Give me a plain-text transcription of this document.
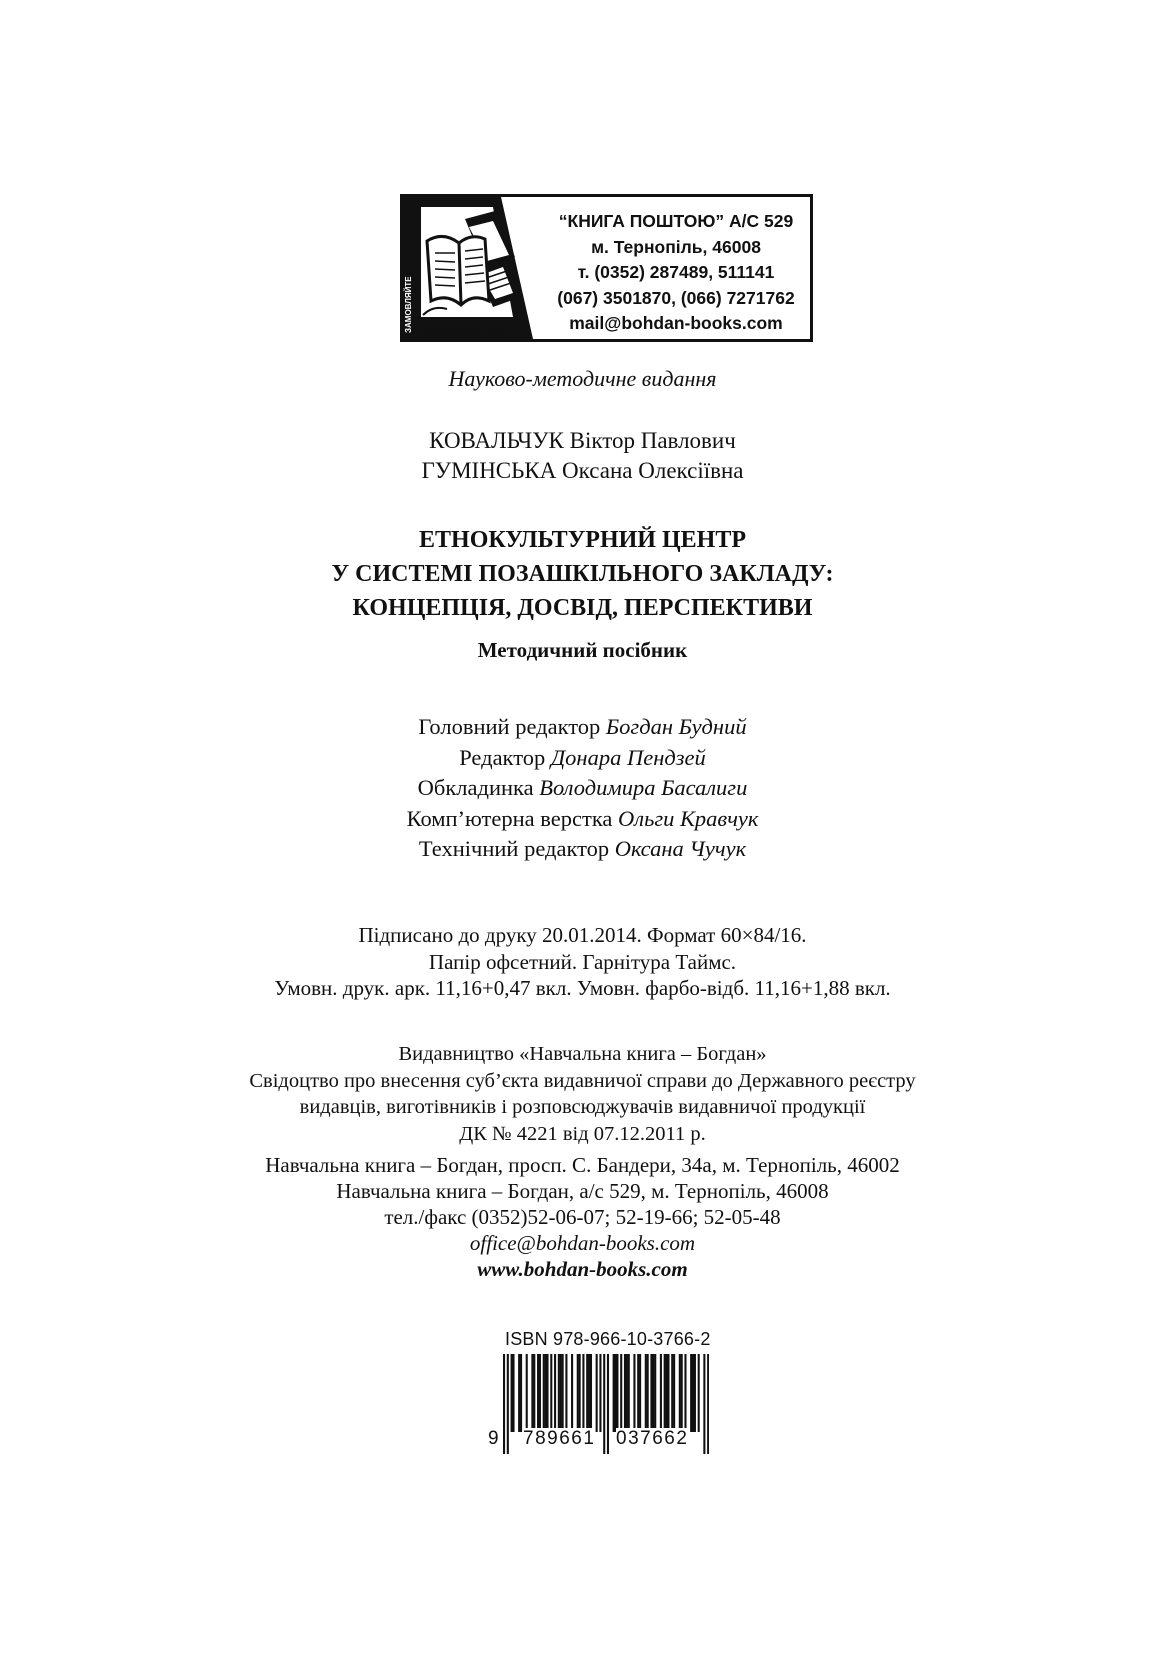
ЗАМОВЛЯЙТЕ КНИГИ ПОШТОЮ:
“КНИГА ПОШТОЮ” А/С 529
м. Тернопіль, 46008
т. (0352) 287489, 511141
(067) 3501870, (066) 7271762
mail@bohdan-books.com
Науково-методичне видання
КОВАЛЬЧУК Віктор Павлович
ГУМІНСЬКА Оксана Олексіївна
ЕТНОКУЛЬТУРНИЙ ЦЕНТР
У СИСТЕМІ ПОЗАШКІЛЬНОГО ЗАКЛАДУ:
КОНЦЕПЦІЯ, ДОСВІД, ПЕРСПЕКТИВИ
Методичний посібник
Головний редактор Богдан Будний
Редактор Донара Пендзей
Обкладинка Володимира Басалиги
Комп’ютерна верстка Ольги Кравчук
Технічний редактор Оксана Чучук
Підписано до друку 20.01.2014. Формат 60×84/16.
Папір офсетний. Гарнітура Таймс.
Умовн. друк. арк. 11,16+0,47 вкл. Умовн. фарбо-відб. 11,16+1,88 вкл.
Видавництво «Навчальна книга – Богдан»
Свідоцтво про внесення суб’єкта видавничої справи до Державного реєстру
видавців, виготівників і розповсюджувачів видавничої продукції
ДК № 4221 від 07.12.2011 р.
Навчальна книга – Богдан, просп. С. Бандери, 34а, м. Тернопіль, 46002
Навчальна книга – Богдан, а/с 529, м. Тернопіль, 46008
тел./факс (0352)52-06-07; 52-19-66; 52-05-48
office@bohdan-books.com
www.bohdan-books.com
ISBN 978-966-10-3766-2
9 789661 037662
